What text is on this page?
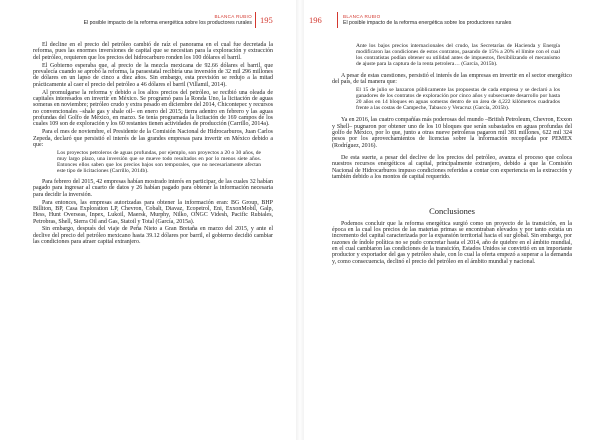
BLANCA RUBIO
El posible impacto de la reforma energética sobre los productores rurales 195

El decline en el precio del petróleo cambió de raíz el panorama en el cual fue decretada la reforma, pues las enormes inversiones de capital que se necesitan para la exploración y extracción del petróleo, requieren que los precios del hidrocarburo ronden los 100 dólares el barril.

El Gobierno esperaba que, al precio de la mezcla mexicana de 92.66 dólares el barril, que prevalecía cuando se aprobó la reforma, la paraestatal recibiría una inversión de 32 mil 296 millones de dólares en un lapso de cinco a diez años. Sin embargo, esta previsión se redujo a la mitad prácticamente al caer el precio del petróleo a 46 dólares el barril (Villamil, 2014).

Al promulgarse la reforma y debido a los altos precios del petróleo, se recibió una oleada de capitales interesados en invertir en México. Se programó para la Ronda Uno, la licitación de aguas someras en noviembre; petróleo crudo y extra pesado en diciembre del 2014, Chicontepec y recursos no convencionales –shale gas y shale oil– en enero del 2015; tierra adentro en febrero y las aguas profundas del Golfo de México, en marzo. Se tenía programada la licitación de 169 campos de los cuales 109 son de exploración y los 60 restantes tienen actividades de producción (Carrillo, 2014a).

Para el mes de noviembre, el Presidente de la Comisión Nacional de Hidrocarburos, Juan Carlos Zepeda, declaró que persistió el interés de las grandes empresas para invertir en México debido a que:

Los proyectos petroleros de aguas profundas, por ejemplo, son proyectos a 20 o 30 años, de muy largo plazo, una inversión que se mueve todo resultados en por lo menos siete años. Entonces ellos saben que los precios bajos son temporales, que no necesariamente afectan este tipo de licitaciones (Carrillo, 2014b).

Para febrero del 2015, 42 empresas habían mostrado interés en participar, de las cuales 32 habían pagado para ingresar al cuarto de datos y 26 habían pagado para obtener la información necesaria para decidir la inversión.

Para entonces, las empresas autorizadas para obtener la información eran: BG Group, BHP Billiton, BP, Casa Exploration LP, Chevron, Cobalt, Diavaz, Ecopetrol, Eni, ExxonMobil, Galp, Hess, Hunt Overseas, Inpex, Lukoil, Maersk, Murphy, Nilko, ONGC Videsh, Pacific Rubiales, Petrobras, Shell, Sierra Oil and Gas, Statoil y Total (García, 2015a).

Sin embargo, después del viaje de Peña Nieto a Gran Bretaña en marzo del 2015, y ante el declive del precio del petróleo mexicano hasta 39.12 dólares por barril, el gobierno decidió cambiar las condiciones para atraer capital extranjero.

196	BLANCA RUBIO
El posible impacto de la reforma energética sobre los productores rurales
Ante los bajos precios internacionales del crudo, las Secretarías de Hacienda y Energía modificaron las condiciones de estos contratos, pasando de 15% a 20% el límite con el cual los contratistas podían obtener su utilidad antes de impuestos, flexibilizando el mecanismo de ajuste para la captura de la renta petrolera… (García, 2015b).

A pesar de estas cuestiones, persistió el interés de las empresas en invertir en el sector energético del país, de tal manera que:

El 15 de julio se lanzaron públicamente las propuestas de cada empresa y se declaró a los ganadores de los contratos de exploración por cinco años y subsecuente desarrollo por hasta 20 años en 14 bloques en aguas someras dentro de un área de 4,222 kilómetros cuadrados frente a las costas de Campeche, Tabasco y Veracruz (García, 2015b).

Ya en 2016, las cuatro compañías más poderosas del mundo –British Petroleum, Chevron, Exxon y Shell– pugnaron por obtener uno de los 10 bloques que serán subastados en aguas profundas del golfo de México, por lo que, junto a otras nueve petroleras pagaron mil 381 millones, 622 mil 324 pesos por los aprovechamientos de licencias sobre la información recopilada por PEMEX (Rodríguez, 2016).

De esta suerte, a pesar del declive de los precios del petróleo, avanza el proceso que coloca nuestros recursos energéticos al capital, principalmente extranjero, debido a que la Comisión Nacional de Hidrocarburos impuso condiciones referidas a contar con experiencia en la extracción y también debido a los montos de capital requerido.

Conclusiones

Podemos concluir que la reforma energética surgió como un proyecto de la transición, en la época en la cual los precios de las materias primas se encontraban elevados y por tanto existía un incremento del capital caracterizada por la expansión territorial hacia el sur global. Sin embargo, por razones de índole política no se pudo concretar hasta el 2014, año de quiebre en el ámbito mundial, en el cual cambiaron las condiciones de la transición, Estados Unidos se convirtió en un importante productor y exportador del gas y petróleo shale, con lo cual la oferta empezó a superar a la demanda y, como consecuencia, declinó el precio del petróleo en el ámbito mundial y nacional.
